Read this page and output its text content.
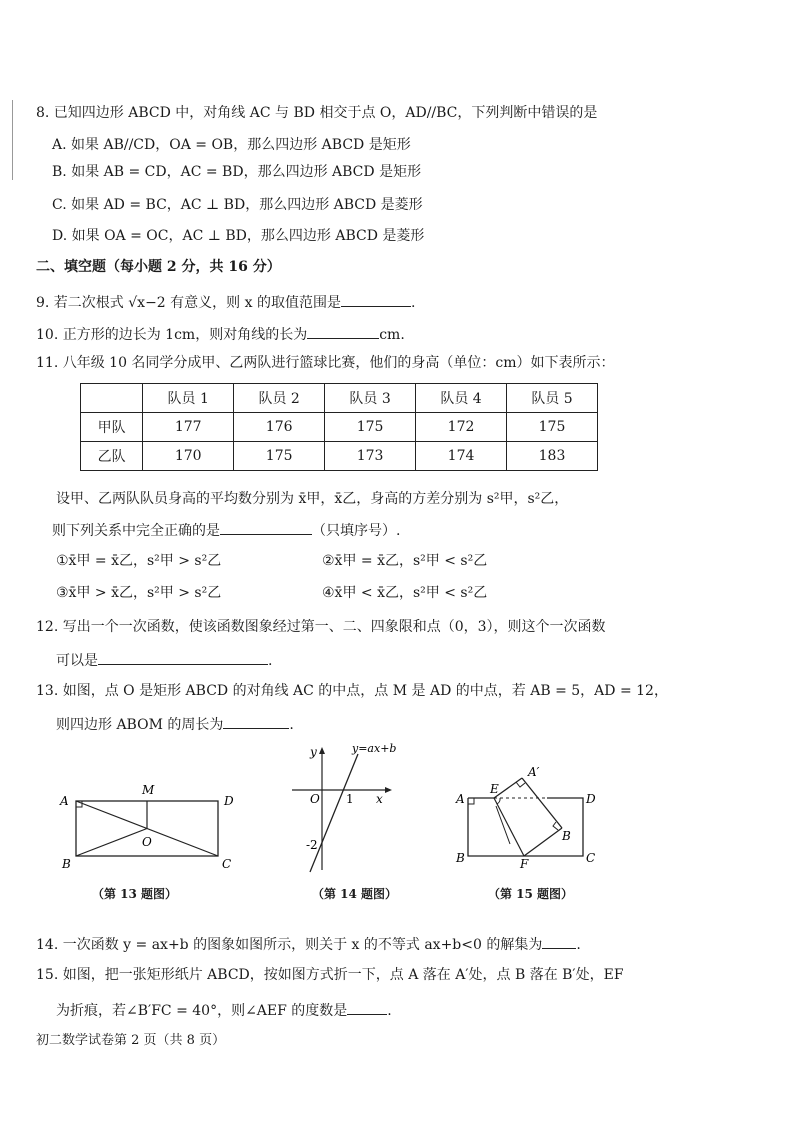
8. 已知四边形 ABCD 中，对角线 AC 与 BD 相交于点 O，AD//BC，下列判断中错误的是
A. 如果 AB//CD，OA = OB，那么四边形 ABCD 是矩形
B. 如果 AB = CD，AC = BD，那么四边形 ABCD 是矩形
C. 如果 AD = BC，AC ⊥ BD，那么四边形 ABCD 是菱形
D. 如果 OA = OC，AC ⊥ BD，那么四边形 ABCD 是菱形
二、填空题（每小题 2 分，共 16 分）
9. 若二次根式 √x−2 有意义，则 x 的取值范围是	.
10. 正方形的边长为 1cm，则对角线的长为	cm.
11. 八年级 10 名同学分成甲、乙两队进行篮球比赛，他们的身高（单位：cm）如下表所示：
	队员 1	队员 2	队员 3	队员 4	队员 5
甲队	177	176	175	172	175
乙队	170	175	173	174	183
设甲、乙两队队员身高的平均数分别为 x̄甲，x̄乙，身高的方差分别为 s²甲，s²乙，
则下列关系中完全正确的是	（只填序号）.
①x̄甲 = x̄乙，s²甲 > s²乙	②x̄甲 = x̄乙，s²甲 < s²乙
③x̄甲 > x̄乙，s²甲 > s²乙	④x̄甲 < x̄乙，s²甲 < s²乙
12. 写出一个一次函数，使该函数图象经过第一、二、四象限和点（0，3），则这个一次函数
可以是	.
13. 如图，点 O 是矩形 ABCD 的对角线 AC 的中点，点 M 是 AD 的中点，若 AB = 5，AD = 12，
则四边形 ABOM 的周长为	.
A
M
D
O
B	C
（第 13 题图）
y	y=ax+b
O 1 x
-2
（第 14 题图）
A
E
A′
D
B
B	F	C
（第 15 题图）
14. 一次函数 y = ax+b 的图象如图所示，则关于 x 的不等式 ax+b<0 的解集为 .
15. 如图，把一张矩形纸片 ABCD，按如图方式折一下，点 A 落在 A′处，点 B 落在 B′处，EF
为折痕，若∠B′FC = 40°，则∠AEF 的度数是	.
初二数学试卷第 2 页（共 8 页）
